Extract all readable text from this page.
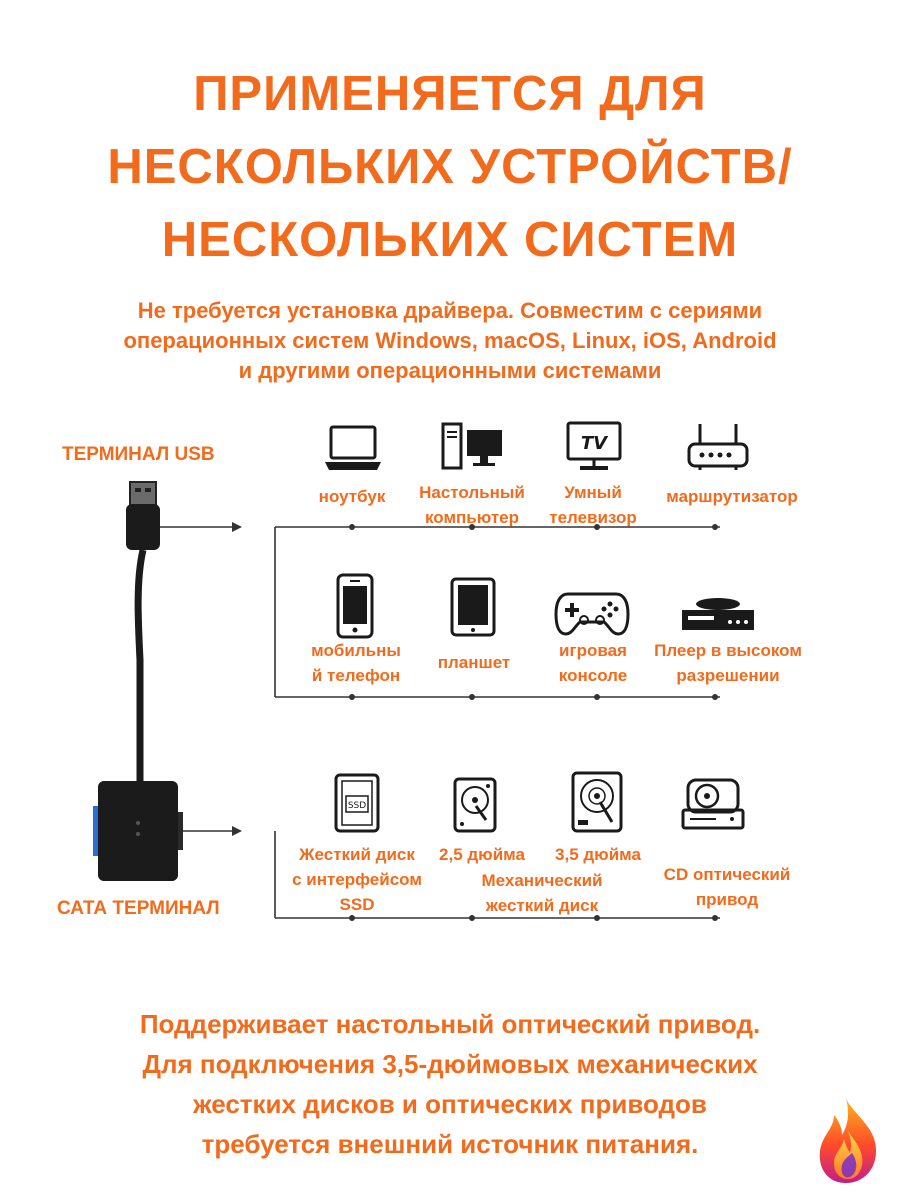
ПРИМЕНЯЕТСЯ ДЛЯ
НЕСКОЛЬКИХ УСТРОЙСТВ/
НЕСКОЛЬКИХ СИСТЕМ
Не требуется установка драйвера. Совместим с сериями
операционных систем Windows, macOS, Linux, iOS, Android
и другими операционными системами
ТЕРМИНАЛ USB
САТА ТЕРМИНАЛ
TV
ноутбук Настольный
компьютер
Умный
телевизор
маршрутизатор
мобильны
й телефон
планшет
игровая
консоле
Плеер в высоком
разрешении
SSD
Жесткий диск
с интерфейсом
SSD
2,5 дюйма 3,5 дюйма
Механический
жесткий диск
CD оптический
привод
Поддерживает настольный оптический привод.
Для подключения 3,5-дюймовых механических
жестких дисков и оптических приводов
требуется внешний источник питания.
